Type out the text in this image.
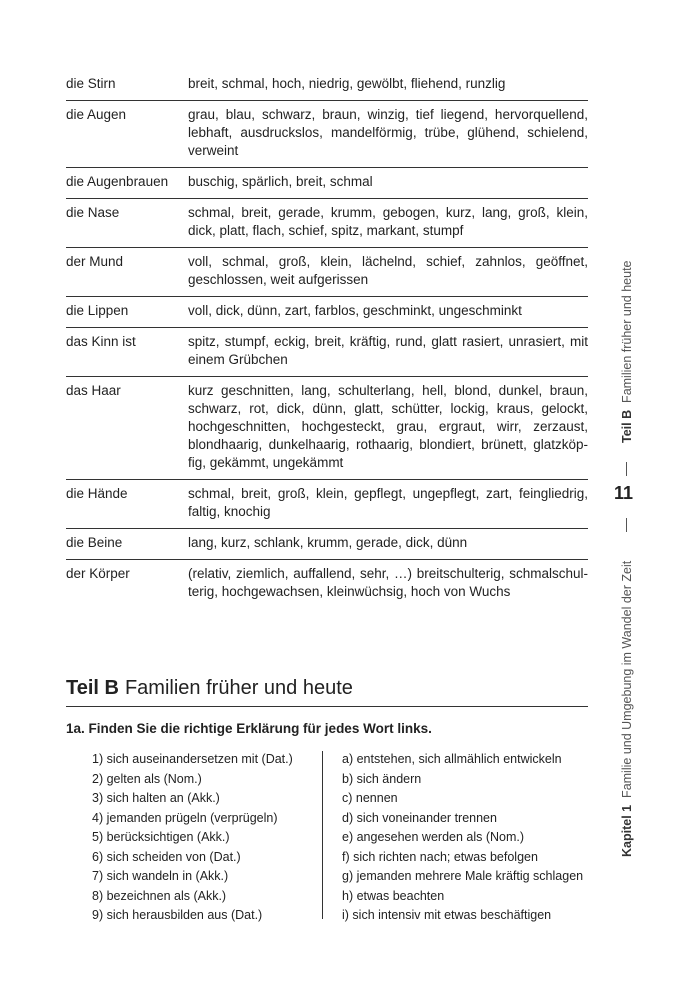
die Stirn	breit, schmal, hoch, niedrig, gewölbt, fliehend, runzlig
die Augen	grau, blau, schwarz, braun, winzig, tief liegend, hervorquellend, lebhaft, ausdruckslos, mandelförmig, trübe, glühend, schielend, verweint
die Augenbrauen	buschig, spärlich, breit, schmal
die Nase	schmal, breit, gerade, krumm, gebogen, kurz, lang, groß, klein, dick, platt, flach, schief, spitz, markant, stumpf
der Mund	voll, schmal, groß, klein, lächelnd, schief, zahnlos, geöffnet, geschlossen, weit aufgerissen
die Lippen	voll, dick, dünn, zart, farblos, geschminkt, ungeschminkt
das Kinn ist	spitz, stumpf, eckig, breit, kräftig, rund, glatt rasiert, unrasiert, mit einem Grübchen
das Haar	kurz geschnitten, lang, schulterlang, hell, blond, dunkel, braun, schwarz, rot, dick, dünn, glatt, schütter, lockig, kraus, gelockt, hochgeschnitten, hochgesteckt, grau, ergraut, wirr, zerzaust, blondhaarig, dunkelhaarig, rothaarig, blondiert, brünett, glatzköpfig, gekämmt, ungekämmt
die Hände	schmal, breit, groß, klein, gepflegt, ungepflegt, zart, feingliedrig, faltig, knochig
die Beine	lang, kurz, schlank, krumm, gerade, dick, dünn
der Körper	(relativ, ziemlich, auffallend, sehr, …) breitschulterig, schmalschulterig, hochgewachsen, kleinwüchsig, hoch von Wuchs
Teil B Familien früher und heute
1a. Finden Sie die richtige Erklärung für jedes Wort links.
1) sich auseinandersetzen mit (Dat.)
2) gelten als (Nom.)
3) sich halten an (Akk.)
4) jemanden prügeln (verprügeln)
5) berücksichtigen (Akk.)
6) sich scheiden von (Dat.)
7) sich wandeln in (Akk.)
8) bezeichnen als (Akk.)
9) sich herausbilden aus (Dat.)
a) entstehen, sich allmählich entwickeln
b) sich ändern
c) nennen
d) sich voneinander trennen
e) angesehen werden als (Nom.)
f) sich richten nach; etwas befolgen
g) jemanden mehrere Male kräftig schlagen
h) etwas beachten
i) sich intensiv mit etwas beschäftigen
Teil B  Familien früher und heute
11
Kapitel 1  Familie und Umgebung im Wandel der Zeit
